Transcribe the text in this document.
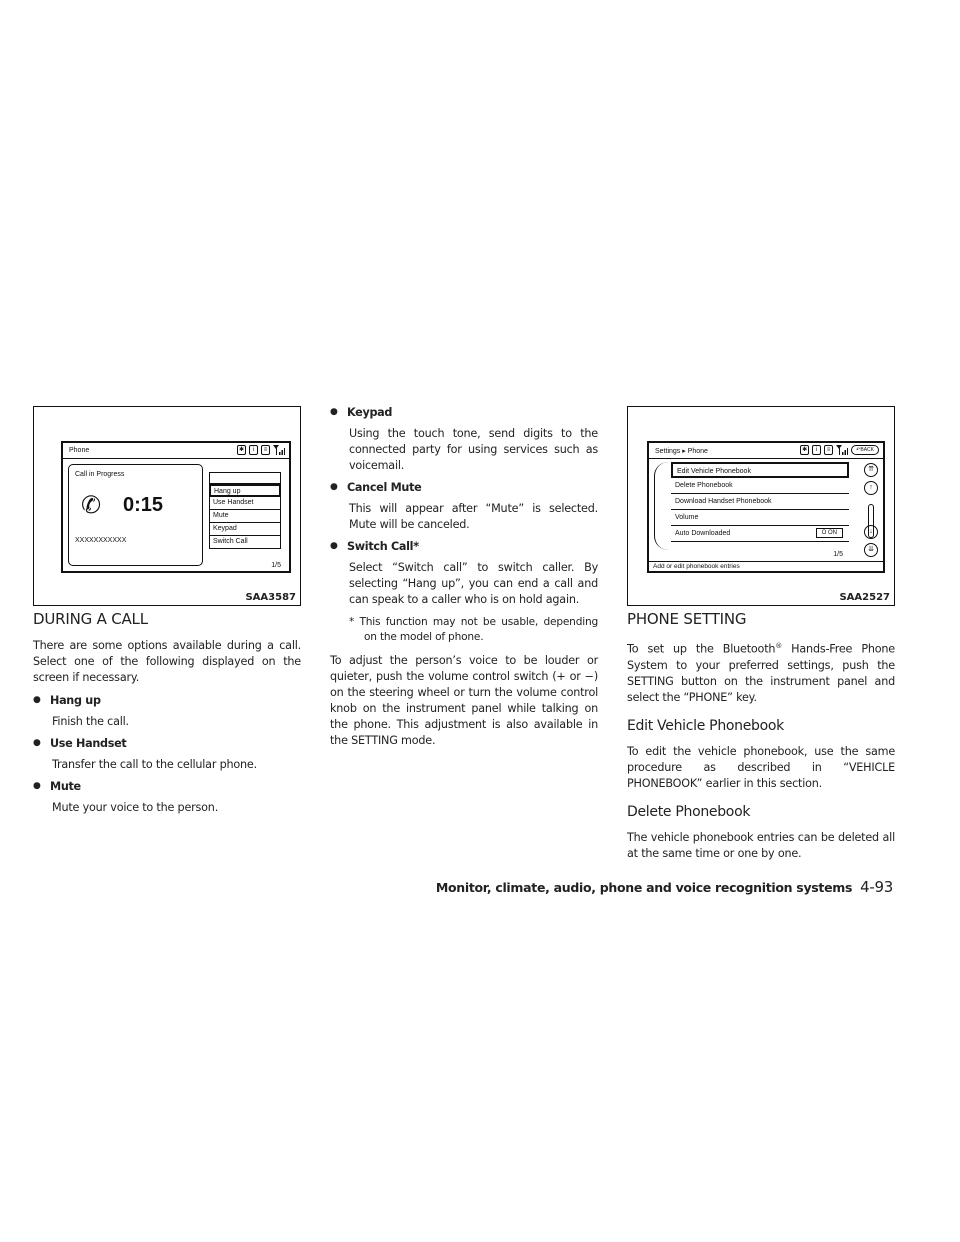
Phone	✱	i	≡
Call in Progress
✆ 0:15
XXXXXXXXXXX
Hang up
Use Handset
Mute
Keypad
Switch Call
1/5
SAA3587
DURING A CALL

There are some options available during a call. Select one of the following displayed on the screen if necessary.

● Hang up
Finish the call.
● Use Handset
Transfer the call to the cellular phone.
● Mute
Mute your voice to the person.
● Keypad
Using the touch tone, send digits to the connected party for using services such as voicemail.
● Cancel Mute
This will appear after “Mute” is selected. Mute will be canceled.
● Switch Call*
Select “Switch call” to switch caller. By selecting “Hang up”, you can end a call and can speak to a caller who is on hold again.
* This function may not be usable, depending on the model of phone.

To adjust the person’s voice to be louder or quieter, push the volume control switch (+ or −) on the steering wheel or turn the volume control knob on the instrument panel while talking on the phone. This adjustment is also available in the SETTING mode.

Settings ▸ Phone	✱	i	≡	↶BACK
Edit Vehicle Phonebook
Delete Phonebook
Download Handset Phonebook
Volume
Auto Downloaded	O ON
⇈
↑
↓
⇊
1/5
Add or edit phonebook entries
SAA2527
PHONE SETTING

To set up the Bluetooth® Hands-Free Phone System to your preferred settings, push the SETTING button on the instrument panel and select the “PHONE” key.

Edit Vehicle Phonebook

To edit the vehicle phonebook, use the same procedure as described in “VEHICLE PHONEBOOK” earlier in this section.

Delete Phonebook

The vehicle phonebook entries can be deleted all at the same time or one by one.

Monitor, climate, audio, phone and voice recognition systems 4-93
